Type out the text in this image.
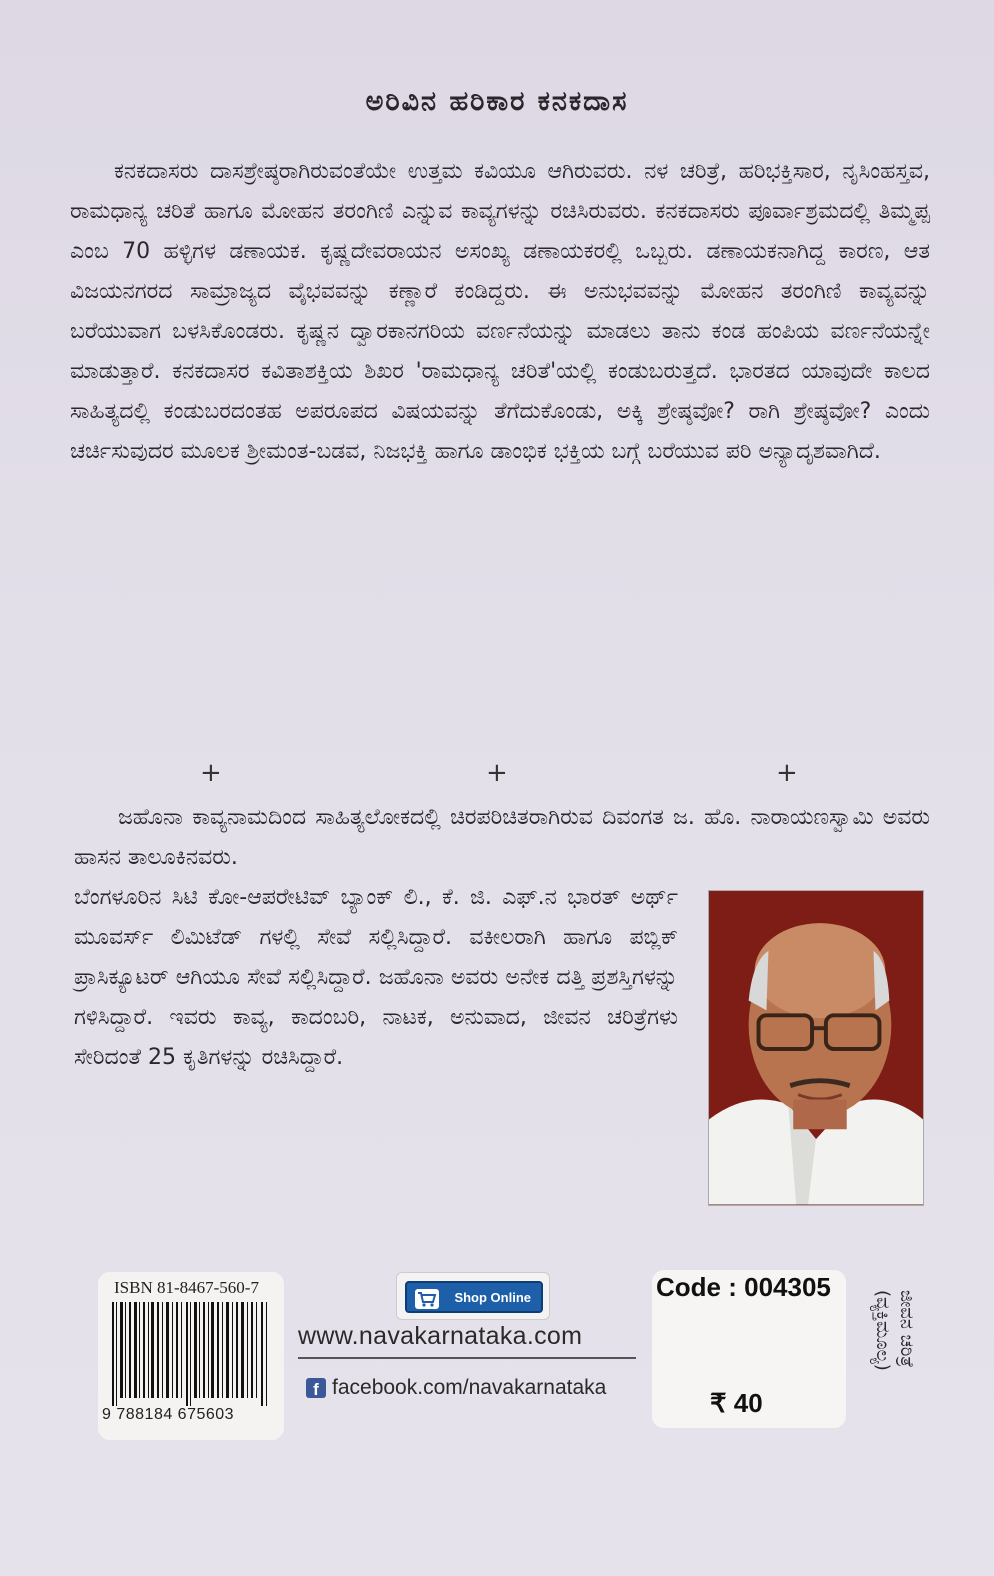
ಅರಿವಿನ ಹರಿಕಾರ ಕನಕದಾಸ

ಕನಕದಾಸರು ದಾಸಶ್ರೇಷ್ಠರಾಗಿರುವಂತೆಯೇ ಉತ್ತಮ ಕವಿಯೂ ಆಗಿರುವರು. ನಳ ಚರಿತ್ರೆ, ಹರಿಭಕ್ತಿಸಾರ, ನೃಸಿಂಹಸ್ತವ, ರಾಮಧಾನ್ಯ ಚರಿತೆ ಹಾಗೂ ಮೋಹನ ತರಂಗಿಣಿ ಎನ್ನುವ ಕಾವ್ಯಗಳನ್ನು ರಚಿಸಿರುವರು. ಕನಕದಾಸರು ಪೂರ್ವಾಶ್ರಮದಲ್ಲಿ ತಿಮ್ಮಪ್ಪ ಎಂಬ 70 ಹಳ್ಳಿಗಳ ಡಣಾಯಕ. ಕೃಷ್ಣದೇವರಾಯನ ಅಸಂಖ್ಯ ಡಣಾಯಕರಲ್ಲಿ ಒಬ್ಬರು. ಡಣಾಯಕನಾಗಿದ್ದ ಕಾರಣ, ಆತ ವಿಜಯನಗರದ ಸಾಮ್ರಾಜ್ಯದ ವೈಭವವನ್ನು ಕಣ್ಣಾರೆ ಕಂಡಿದ್ದರು. ಈ ಅನುಭವವನ್ನು ಮೋಹನ ತರಂಗಿಣಿ ಕಾವ್ಯವನ್ನು ಬರೆಯುವಾಗ ಬಳಸಿಕೊಂಡರು. ಕೃಷ್ಣನ ದ್ವಾರಕಾನಗರಿಯ ವರ್ಣನೆಯನ್ನು ಮಾಡಲು ತಾನು ಕಂಡ ಹಂಪಿಯ ವರ್ಣನೆಯನ್ನೇ ಮಾಡುತ್ತಾರೆ. ಕನಕದಾಸರ ಕವಿತಾಶಕ್ತಿಯ ಶಿಖರ 'ರಾಮಧಾನ್ಯ ಚರಿತೆ'ಯಲ್ಲಿ ಕಂಡುಬರುತ್ತದೆ. ಭಾರತದ ಯಾವುದೇ ಕಾಲದ ಸಾಹಿತ್ಯದಲ್ಲಿ ಕಂಡುಬರದಂತಹ ಅಪರೂಪದ ವಿಷಯವನ್ನು ತೆಗೆದುಕೊಂಡು, ಅಕ್ಕಿ ಶ್ರೇಷ್ಠವೋ? ರಾಗಿ ಶ್ರೇಷ್ಠವೋ? ಎಂದು ಚರ್ಚಿಸುವುದರ ಮೂಲಕ ಶ್ರೀಮಂತ-ಬಡವ, ನಿಜಭಕ್ತಿ ಹಾಗೂ ಡಾಂಭಿಕ ಭಕ್ತಿಯ ಬಗ್ಗೆ ಬರೆಯುವ ಪರಿ ಅನ್ಯಾದೃಶವಾಗಿದೆ.

+	+	+

ಜಹೊನಾ ಕಾವ್ಯನಾಮದಿಂದ ಸಾಹಿತ್ಯಲೋಕದಲ್ಲಿ ಚಿರಪರಿಚಿತರಾಗಿರುವ ದಿವಂಗತ ಜ. ಹೊ. ನಾರಾಯಣಸ್ವಾಮಿ ಅವರು ಹಾಸನ ತಾಲೂಕಿನವರು.

ಬೆಂಗಳೂರಿನ ಸಿಟಿ ಕೋ-ಆಪರೇಟಿವ್ ಬ್ಯಾಂಕ್ ಲಿ., ಕೆ. ಜಿ. ಎಫ್.ನ ಭಾರತ್ ಅರ್ಥ್ ಮೂವರ್ಸ್ ಲಿಮಿಟೆಡ್ ಗಳಲ್ಲಿ ಸೇವೆ ಸಲ್ಲಿಸಿದ್ದಾರೆ. ವಕೀಲರಾಗಿ ಹಾಗೂ ಪಬ್ಲಿಕ್ ಪ್ರಾಸಿಕ್ಯೂಟರ್ ಆಗಿಯೂ ಸೇವೆ ಸಲ್ಲಿಸಿದ್ದಾರೆ. ಜಹೊನಾ ಅವರು ಅನೇಕ ದತ್ತಿ ಪ್ರಶಸ್ತಿಗಳನ್ನು ಗಳಿಸಿದ್ದಾರೆ. ಇವರು ಕಾವ್ಯ, ಕಾದಂಬರಿ, ನಾಟಕ, ಅನುವಾದ, ಜೀವನ ಚರಿತ್ರೆಗಳು ಸೇರಿದಂತೆ 25 ಕೃತಿಗಳನ್ನು ರಚಿಸಿದ್ದಾರೆ.

ISBN 81-8467-560-7
9 788184 675603
Shop Online
www.navakarnataka.com
f facebook.com/navakarnataka
Code : 004305
₹ 40
ಜೀವನ ಚರಿತ್ರೆ (ವ್ಯಕ್ತಿಮೂಲ್ಯ)
